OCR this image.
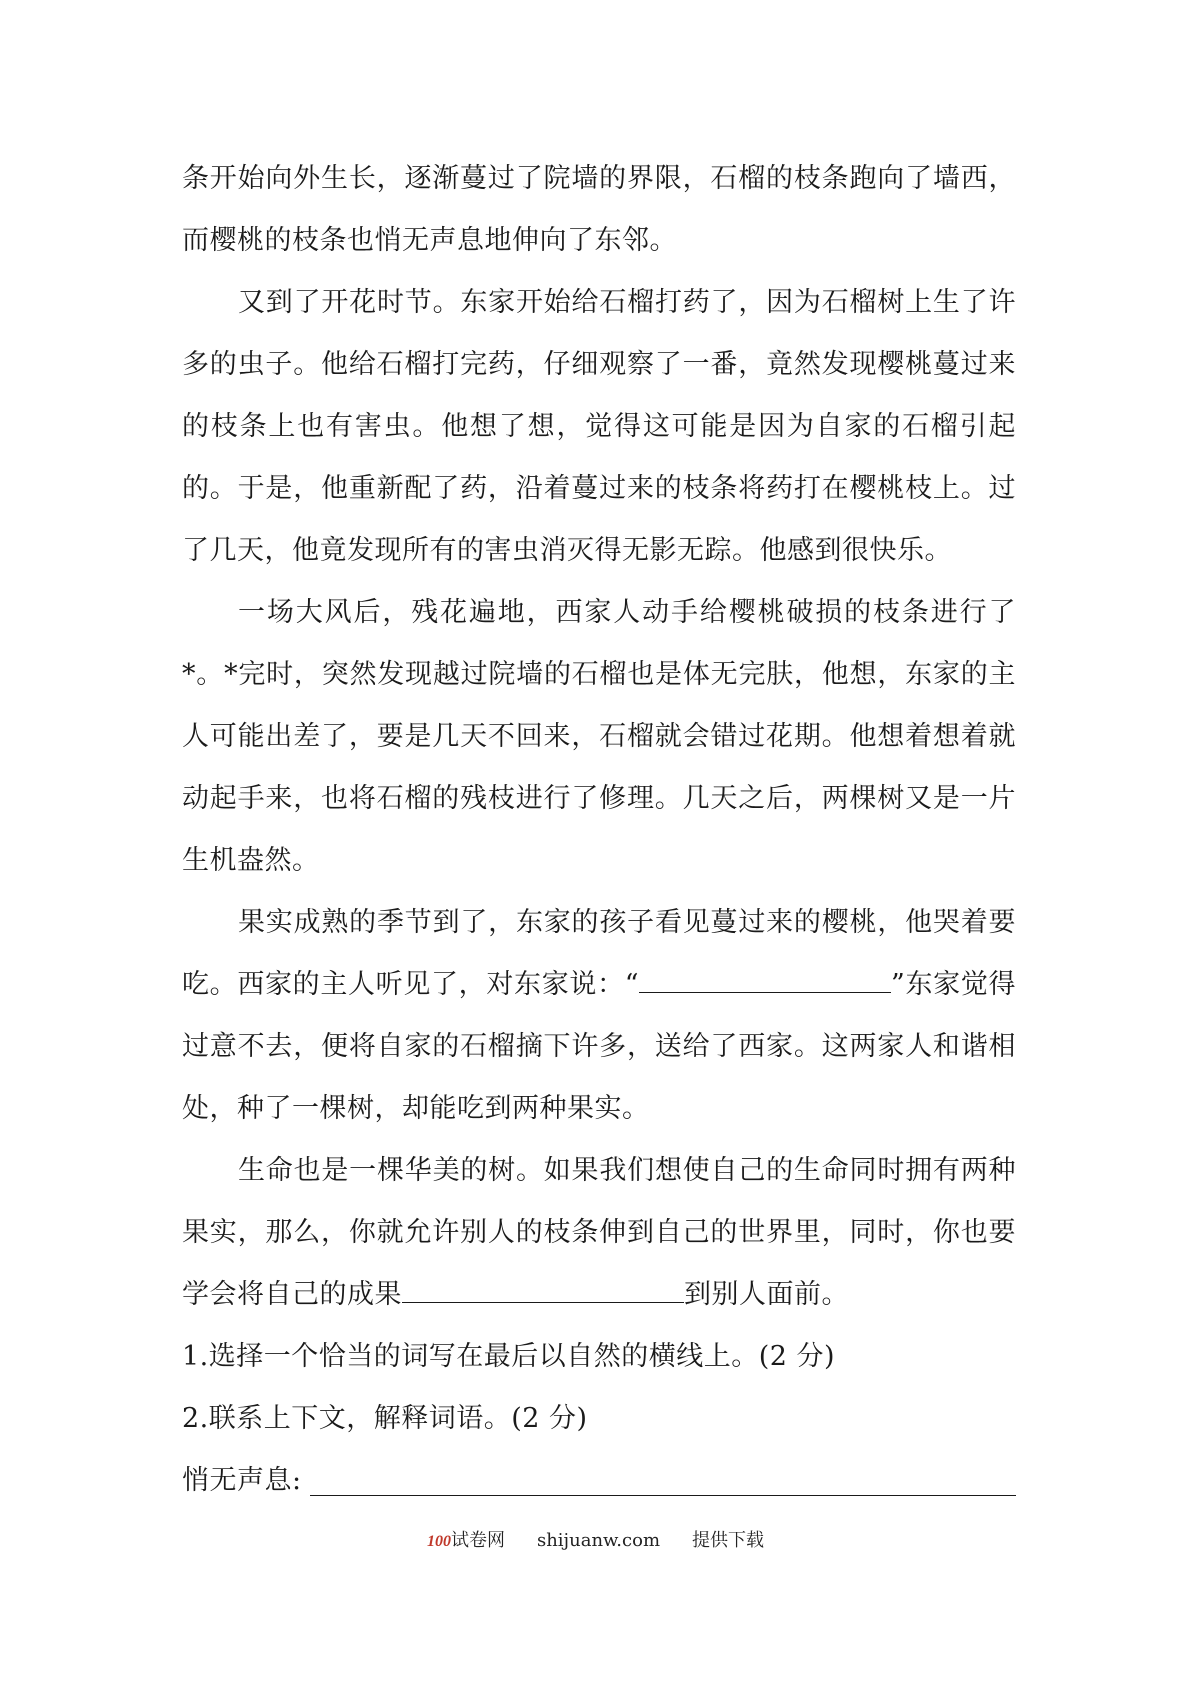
条开始向外生长，逐渐蔓过了院墙的界限，石榴的枝条跑向了墙西，而樱桃的枝条也悄无声息地伸向了东邻。

又到了开花时节。东家开始给石榴打药了，因为石榴树上生了许多的虫子。他给石榴打完药，仔细观察了一番，竟然发现樱桃蔓过来的枝条上也有害虫。他想了想，觉得这可能是因为自家的石榴引起的。于是，他重新配了药，沿着蔓过来的枝条将药打在樱桃枝上。过了几天，他竟发现所有的害虫消灭得无影无踪。他感到很快乐。

一场大风后，残花遍地，西家人动手给樱桃破损的枝条进行了*。*完时，突然发现越过院墙的石榴也是体无完肤，他想，东家的主人可能出差了，要是几天不回来，石榴就会错过花期。他想着想着就动起手来，也将石榴的残枝进行了修理。几天之后，两棵树又是一片生机盎然。

果实成熟的季节到了，东家的孩子看见蔓过来的樱桃，他哭着要吃。西家的主人听见了，对东家说：“	”东家觉得过意不去，便将自家的石榴摘下许多，送给了西家。这两家人和谐相处，种了一棵树，却能吃到两种果实。

生命也是一棵华美的树。如果我们想使自己的生命同时拥有两种果实，那么，你就允许别人的枝条伸到自己的世界里，同时，你也要学会将自己的成果	到别人面前。

1.选择一个恰当的词写在最后以自然的横线上。(2 分)

2.联系上下文，解释词语。(2 分)

悄无声息:
100试卷网 shijuanw.com 提供下载
